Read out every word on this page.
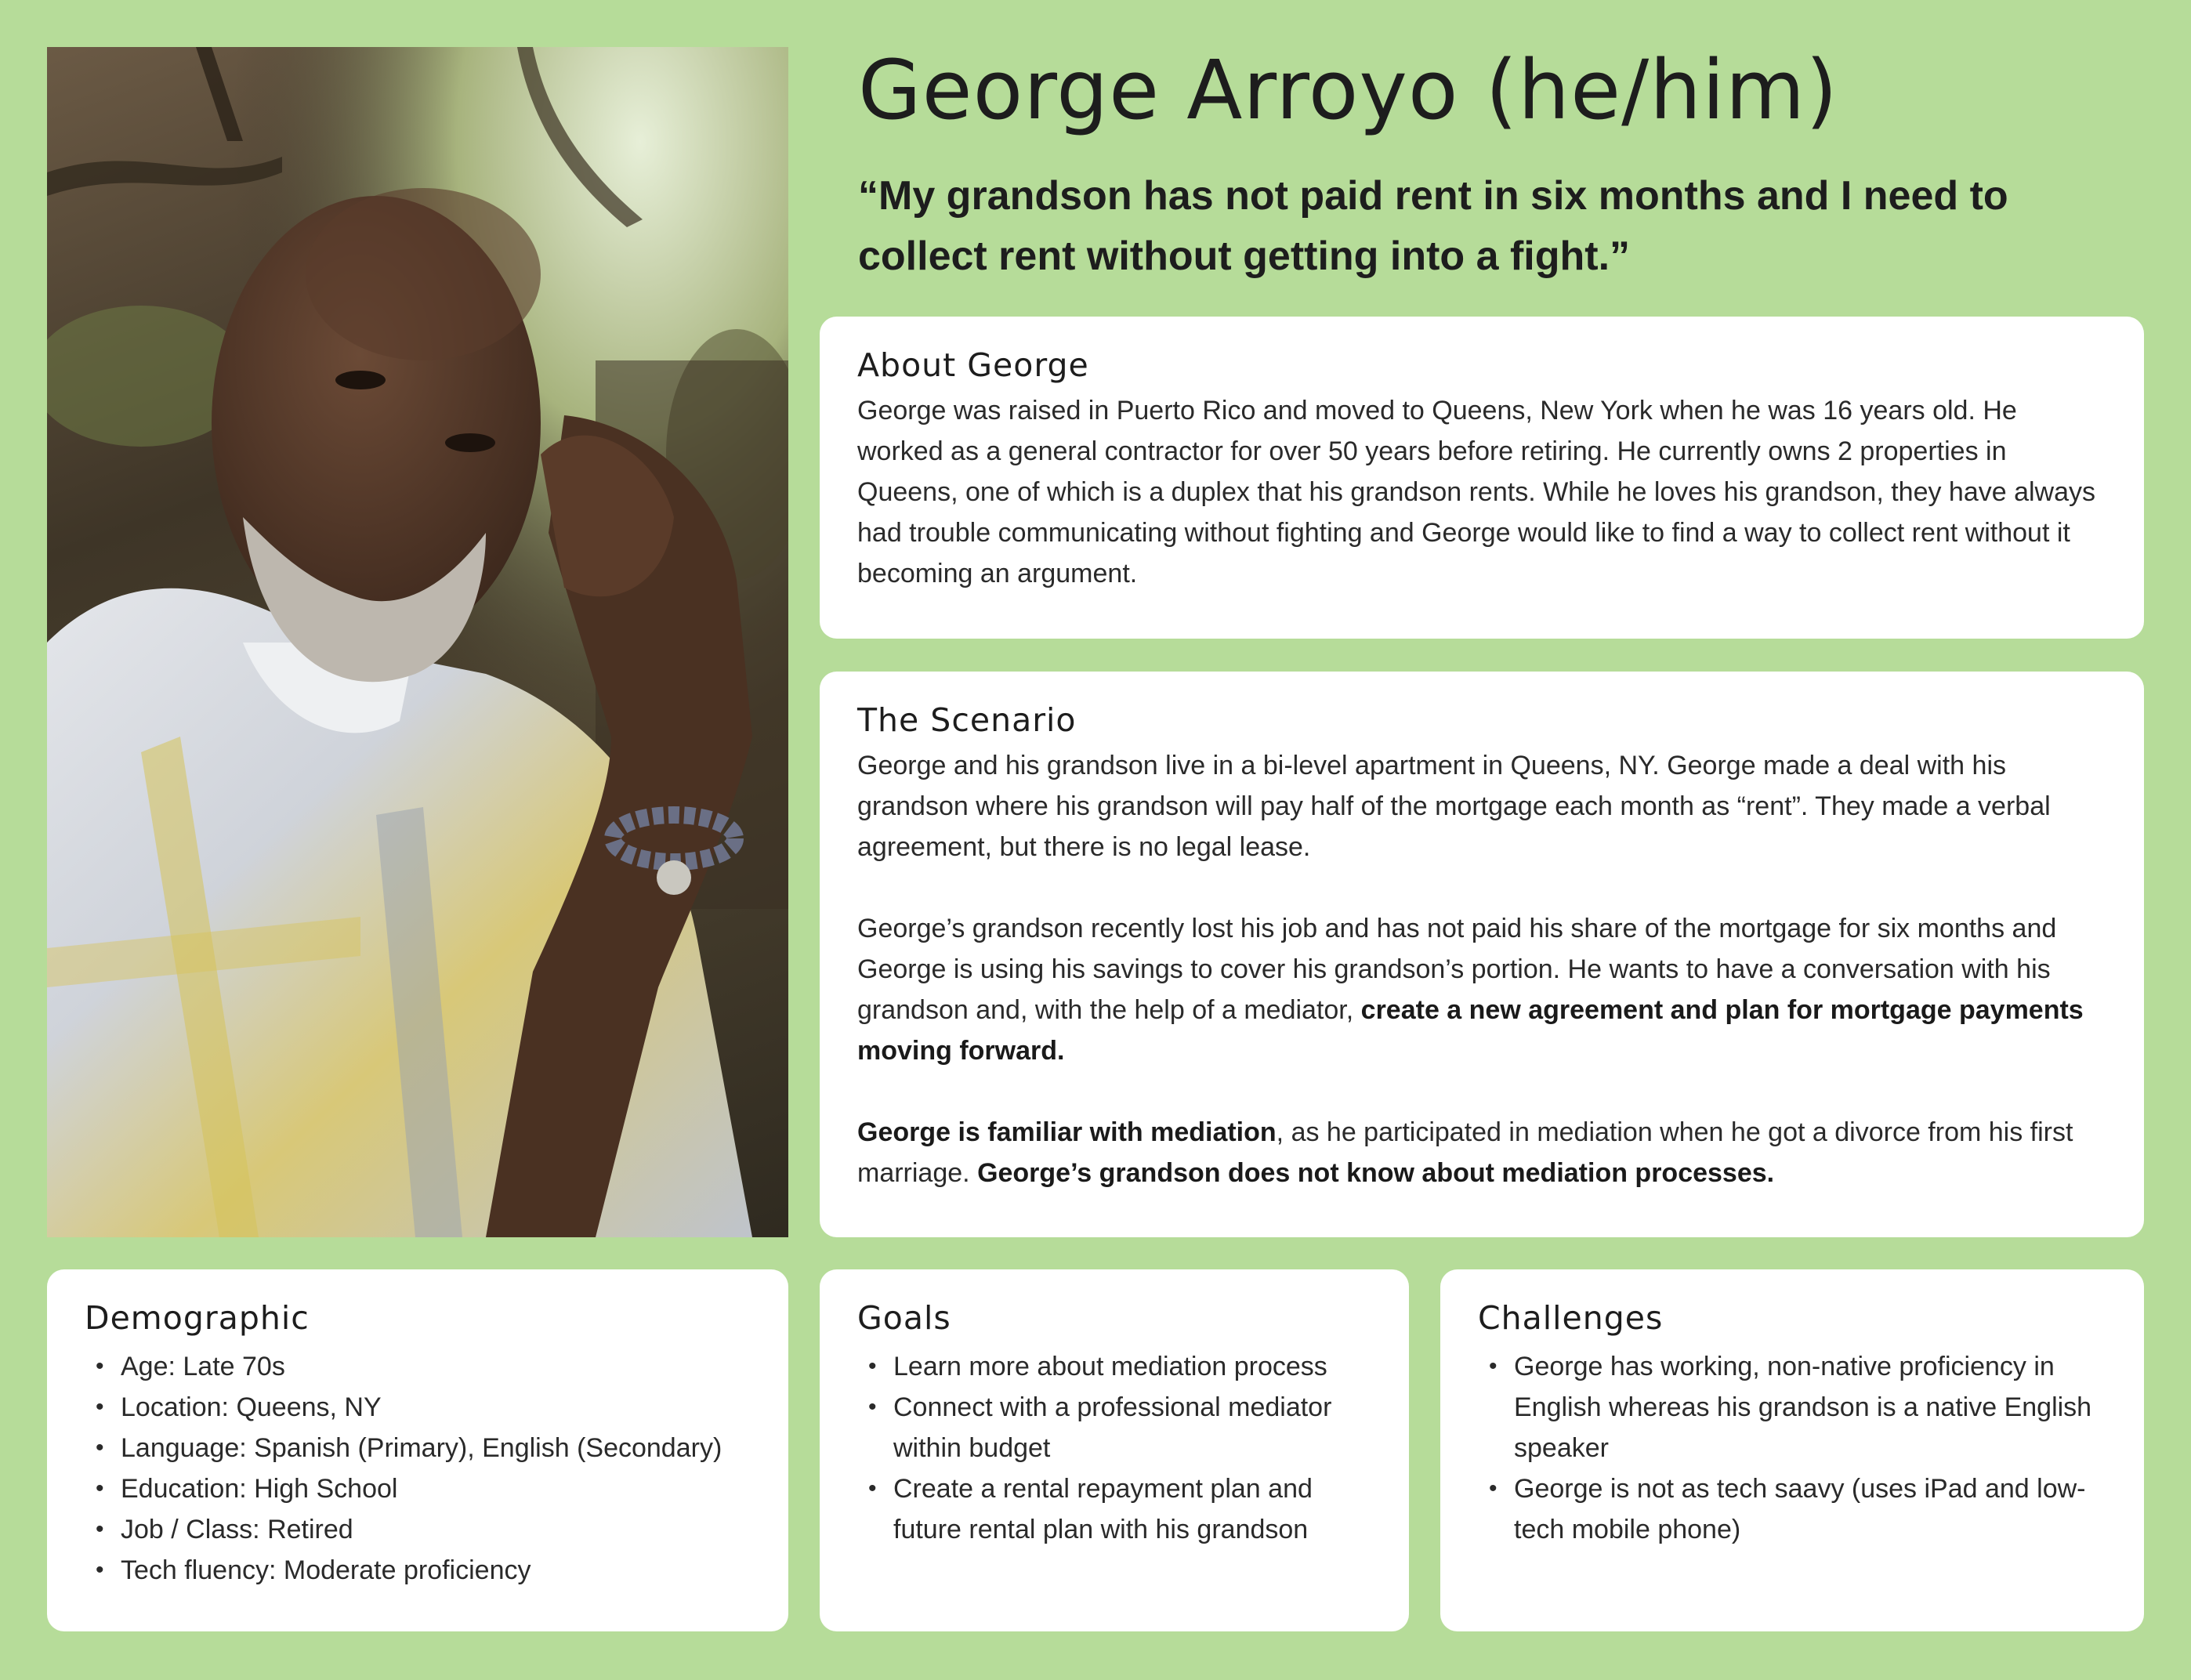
George Arroyo (he/him)

“My grandson has not paid rent in six months and I need to collect rent without getting into a fight.”

About George

George was raised in Puerto Rico and moved to Queens, New York when he was 16 years old. He worked as a general contractor for over 50 years before retiring. He currently owns 2 properties in Queens, one of which is a duplex that his grandson rents. While he loves his grandson, they have always had trouble communicating without fighting and George would like to find a way to collect rent without it becoming an argument.

The Scenario

George and his grandson live in a bi-level apartment in Queens, NY. George made a deal with his grandson where his grandson will pay half of the mortgage each month as “rent”. They made a verbal agreement, but there is no legal lease.

George’s grandson recently lost his job and has not paid his share of the mortgage for six months and George is using his savings to cover his grandson’s portion. He wants to have a conversation with his grandson and, with the help of a mediator, create a new agreement and plan for mortgage payments moving forward.

George is familiar with mediation, as he participated in mediation when he got a divorce from his first marriage. George’s grandson does not know about mediation processes.

Demographic
• Age: Late 70s
• Location: Queens, NY
• Language: Spanish (Primary), English (Secondary)
• Education: High School
• Job / Class: Retired
• Tech fluency: Moderate proficiency
Goals
• Learn more about mediation process
• Connect with a professional mediator within budget
• Create a rental repayment plan and future rental plan with his grandson
Challenges
• George has working, non-native proficiency in English whereas his grandson is a native English speaker
• George is not as tech saavy (uses iPad and low-tech mobile phone)
